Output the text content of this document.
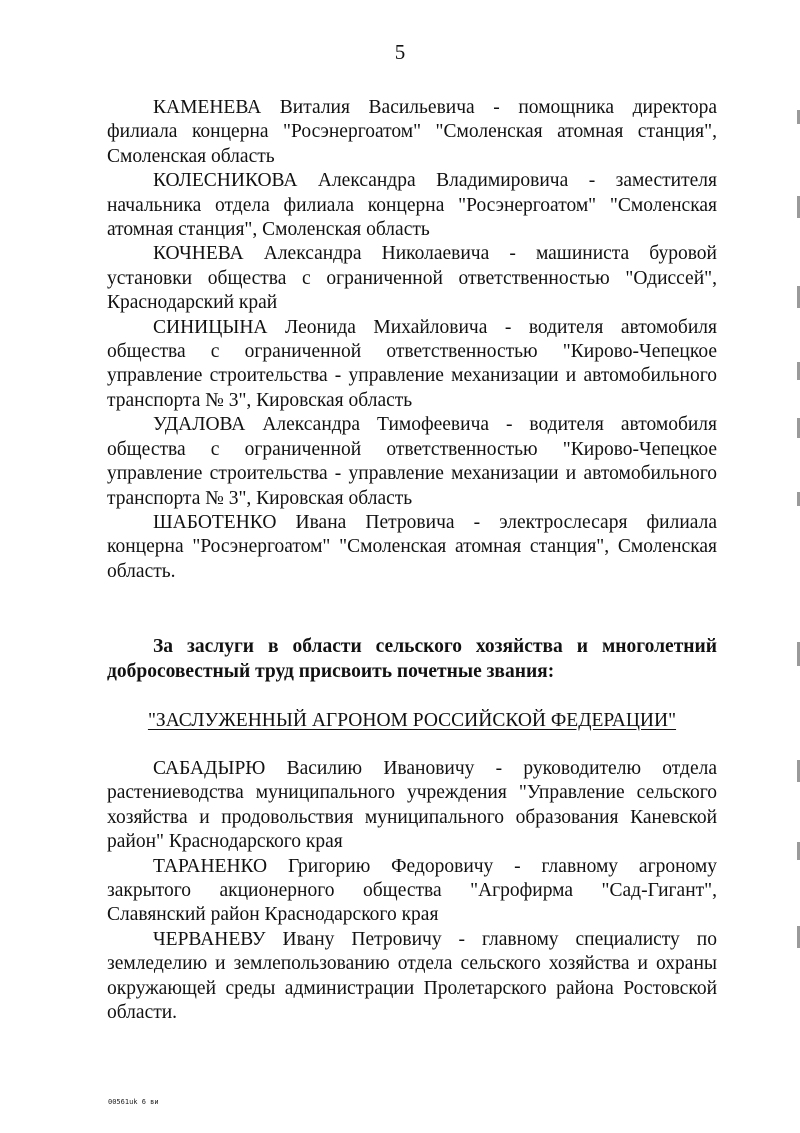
5

КАМЕНЕВА Виталия Васильевича - помощника директора филиала концерна "Росэнергоатом" "Смоленская атомная станция", Смоленская область

КОЛЕСНИКОВА Александра Владимировича - заместителя начальника отдела филиала концерна "Росэнергоатом" "Смоленская атомная станция", Смоленская область

КОЧНЕВА Александра Николаевича - машиниста буровой установки общества с ограниченной ответственностью "Одиссей", Краснодарский край

СИНИЦЫНА Леонида Михайловича - водителя автомобиля общества с ограниченной ответственностью "Кирово-Чепецкое управление строительства - управление механизации и автомобильного транспорта № 3", Кировская область

УДАЛОВА Александра Тимофеевича - водителя автомобиля общества с ограниченной ответственностью "Кирово-Чепецкое управление строительства - управление механизации и автомобильного транспорта № 3", Кировская область

ШАБОТЕНКО Ивана Петровича - электрослесаря филиала концерна "Росэнергоатом" "Смоленская атомная станция", Смоленская область.

За заслуги в области сельского хозяйства и многолетний добросовестный труд присвоить почетные звания:

"ЗАСЛУЖЕННЫЙ АГРОНОМ РОССИЙСКОЙ ФЕДЕРАЦИИ"

САБАДЫРЮ Василию Ивановичу - руководителю отдела растениеводства муниципального учреждения "Управление сельского хозяйства и продовольствия муниципального образования Каневской район" Краснодарского края

ТАРАНЕНКО Григорию Федоровичу - главному агроному закрытого акционерного общества "Агрофирма "Сад-Гигант", Славянский район Краснодарского края

ЧЕРВАНЕВУ Ивану Петровичу - главному специалисту по земледелию и землепользованию отдела сельского хозяйства и охраны окружающей среды администрации Пролетарского района Ростовской области.

00561uk 6 ви
